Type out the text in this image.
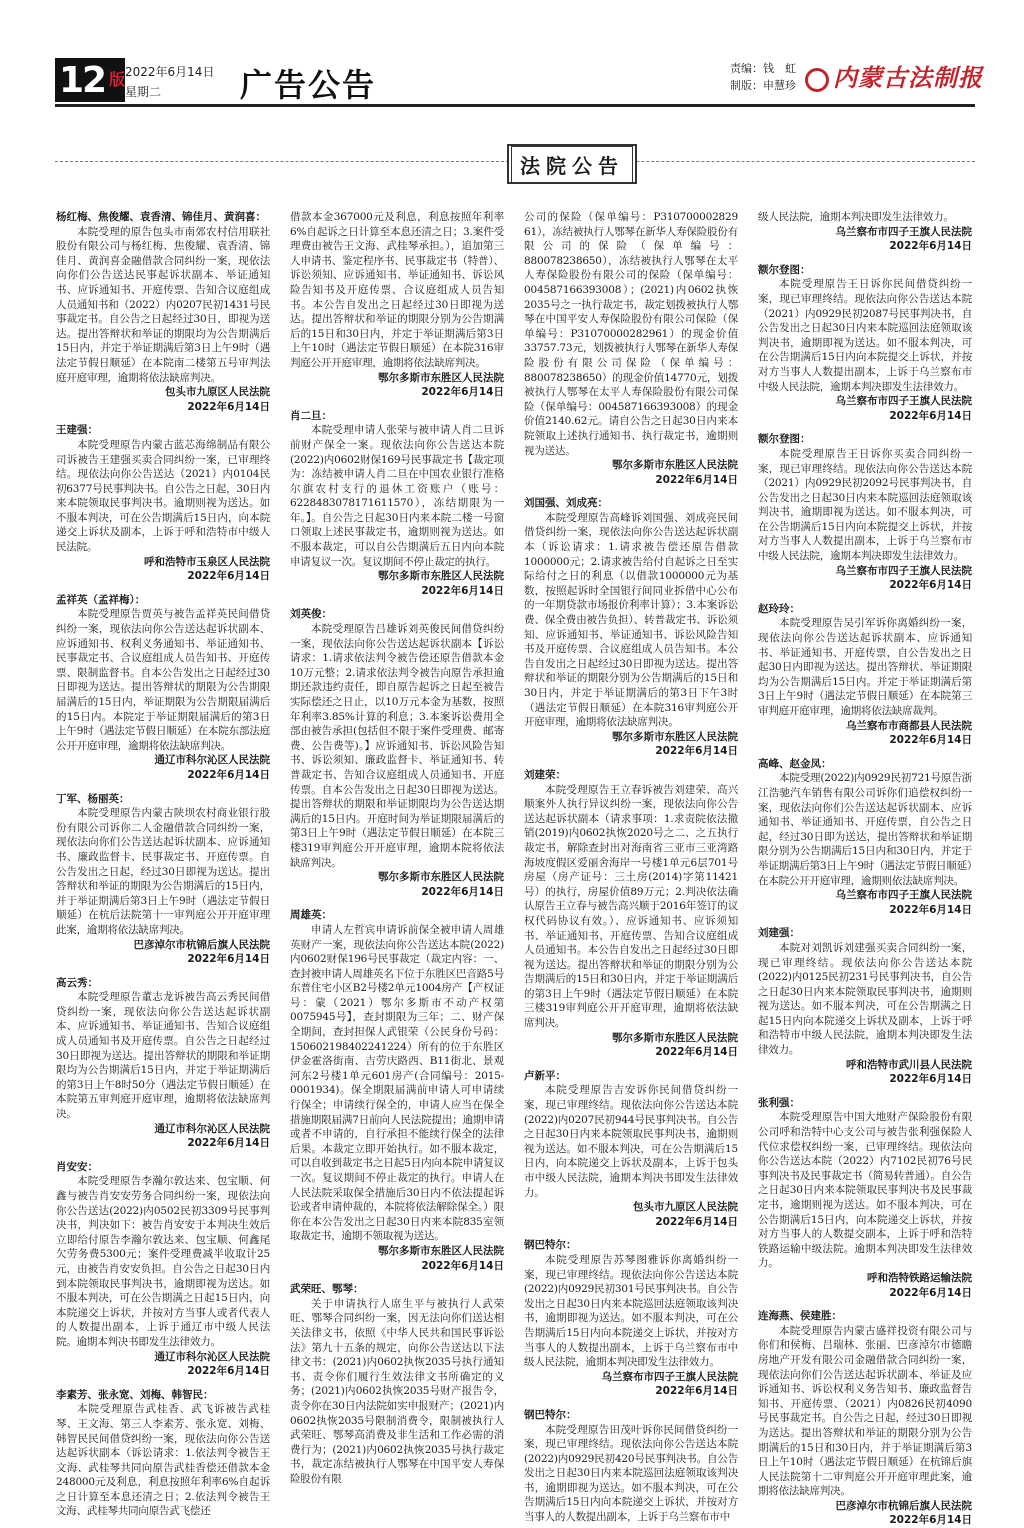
12 版 2022年6月14日
星期二	广告公告	责编：钱　虹
制版：申慧珍	内蒙古法制报
法院公告
杨红梅、焦俊耀、袁香清、锦佳月、黄润喜：
本院受理的原告包头市南郊农村信用联社股份有限公司与杨红梅、焦俊耀、袁香清、锦佳月、黄润喜金融借款合同纠纷一案，现依法向你们公告送达民事起诉状副本、举证通知书、应诉通知书、开庭传票、告知合议庭组成人员通知书和（2022）内0207民初1431号民事裁定书。自公告之日起经过30日，即视为送达。提出答辩状和举证的期限均为公告期满后15日内，并定于举证期满后第3日上午9时（遇法定节假日顺延）在本院南二楼第五号审判法庭开庭审理，逾期将依法缺席判决。
包头市九原区人民法院
2022年6月14日
王建强：
本院受理原告内蒙古蓝芯海绵制品有限公司诉被告王建强买卖合同纠纷一案，已审理终结。现依法向你公告送达（2021）内0104民初6377号民事判决书。自公告之日起，30日内来本院领取民事判决书。逾期则视为送达。如不服本判决，可在公告期满后15日内，向本院递交上诉状及副本，上诉于呼和浩特市中级人民法院。
呼和浩特市玉泉区人民法院
2022年6月14日
孟祥英（孟祥梅）：
本院受理原告贾英与被告孟祥英民间借贷纠纷一案，现依法向你公告送达起诉状副本、应诉通知书、权利义务通知书、举证通知书、民事裁定书、合议庭组成人员告知书、开庭传票、限制监督书。自本公告发出之日起经过30日即视为送达。提出答辩状的期限为公告期限届满后的15日内，举证期限为公告期限届满后的15日内。本院定于举证期限届满后的第3日上午9时（遇法定节假日顺延）在本院东部法庭公开开庭审理，逾期将依法缺席判决。
通辽市科尔沁区人民法院
2022年6月14日
丁军、杨丽英：
本院受理原告内蒙古陕坝农村商业银行股份有限公司诉你二人金融借款合同纠纷一案，现依法向你们公告送达起诉状副本、应诉通知书、廉政监督卡、民事裁定书、开庭传票。自公告发出之日起，经过30日即视为送达。提出答辩状和举证的期限为公告期满后的15日内，并于举证期满后第3日上午9时（遇法定节假日顺延）在杭后法院第十一审判庭公开开庭审理此案，逾期将依法缺席判决。
巴彦淖尔市杭锦后旗人民法院
2022年6月14日
高云秀：
本院受理原告董志龙诉被告高云秀民间借贷纠纷一案，现依法向你公告送达起诉状副本、应诉通知书、举证通知书、告知合议庭组成人员通知书及开庭传票。自公告之日起经过30日即视为送达。提出答辩状的期限和举证期限均为公告期满后15日内，并定于举证期满后的第3日上午8时50分（遇法定节假日顺延）在本院第五审判庭开庭审理，逾期将依法缺席判决。
通辽市科尔沁区人民法院
2022年6月14日
肖安安：
本院受理原告李瀚尔敦达来、包宝顺、何鑫与被告肖安安劳务合同纠纷一案，现依法向你公告送达(2022)内0502民初3309号民事判决书，判决如下：被告肖安安于本判决生效后立即给付原告李瀚尔敦达来、包宝顺、何鑫尾欠劳务费5300元；案件受理费减半收取计25元，由被告肖安安负担。自公告之日起30日内到本院领取民事判决书，逾期即视为送达。如不服本判决，可在公告期满之日起15日内，向本院递交上诉状，并按对方当事人或者代表人的人数提出副本，上诉于通辽市中级人民法院。逾期本判决书即发生法律效力。
通辽市科尔沁区人民法院
2022年6月14日
李素芳、张永宽、刘梅、韩智民：
本院受理原告武桂香、武飞诉被告武桂琴、王文海、第三人李素芳、张永宽、刘梅、韩智民民间借贷纠纷一案，现依法向你公告送达起诉状副本（诉讼请求：1.依法判令被告王文海、武桂琴共同向原告武桂香偿还借款本金248000元及利息，利息按照年利率6%自起诉之日计算至本息还清之日；2.依法判令被告王文海、武桂琴共同向原告武飞偿还
借款本金367000元及利息，利息按照年利率6%自起诉之日计算至本息还清之日；3.案件受理费由被告王文海、武桂琴承担。），追加第三人申请书、鉴定程序书、民事裁定书（特普）、诉讼须知、应诉通知书、举证通知书、诉讼风险告知书及开庭传票、合议庭组成人员告知书。本公告自发出之日起经过30日即视为送达。提出答辩状和举证的期限分别为公告期满后的15日和30日内，并定于举证期满后第3日上午10时（遇法定节假日顺延）在本院316审判庭公开开庭审理，逾期将依法缺席判决。
鄂尔多斯市东胜区人民法院
2022年6月14日
肖二旦：
本院受理申请人张荣与被申请人肖二旦诉前财产保全一案。现依法向你公告送达本院(2022)内0602财保169号民事裁定书【裁定项为：冻结被申请人肖二旦在中国农业银行准格尔旗农村支行的退休工资账户（账号：6228483078171611570），冻结期限为一年。】。自公告之日起30日内来本院二楼一号窗口领取上述民事裁定书，逾期则视为送达。如不服本裁定，可以自公告期满后五日内向本院申请复议一次。复议期间不停止裁定的执行。
鄂尔多斯市东胜区人民法院
2022年6月14日
刘英俊：
本院受理原告吕雄诉刘英俊民间借贷纠纷一案，现依法向你公告送达起诉状副本【诉讼请求：1.请求依法判令被告偿还原告借款本金10万元整；2.请求依法判令被告向原告承担逾期还款违约责任，即自原告起诉之日起至被告实际偿还之日止，以10万元本金为基数，按照年利率3.85%计算的利息；3.本案诉讼费用全部由被告承担(包括但不限于案件受理费、邮寄费、公告费等)。】应诉通知书、诉讼风险告知书、诉讼须知、廉政监督卡、举证通知书、转普裁定书、告知合议庭组成人员通知书、开庭传票。自本公告发出之日起30日即视为送达。提出答辩状的期限和举证期限均为公告送达期满后的15日内。开庭时间为举证期限届满后的第3日上午9时（遇法定节假日顺延）在本院三楼319审判庭公开开庭审理，逾期本院将依法缺席判决。
鄂尔多斯市东胜区人民法院
2022年6月14日
周雄英：
申请人左哲宾申请诉前保全被申请人周雄英财产一案，现依法向你公告送达本院(2022)内0602财保196号民事裁定（裁定内容：一、查封被申请人周雄英名下位于东胜区巴音路5号东普住宅小区B2号楼2单元1004房产【产权证号：蒙（2021）鄂尔多斯市不动产权第0075945号】，查封期限为三年；二、财产保全期间，查封担保人武银荣（公民身份号码：150602198402241224）所有的位于东胜区伊金霍洛街南、吉劳庆路西、B11街北、景观河东2号楼1单元601房产(合同编号：2015-0001934)。保全期限届满前申请人可申请续行保全；申请续行保全的，申请人应当在保全措施期限届满7日前向人民法院提出；逾期申请或者不申请的，自行承担不能续行保全的法律后果。本裁定立即开始执行。如不服本裁定，可以自收到裁定书之日起5日内向本院申请复议一次。复议期间不停止裁定的执行。申请人在人民法院采取保全措施后30日内不依法提起诉讼或者申请仲裁的，本院将依法解除保全。）限你在本公告发出之日起30日内来本院835室领取裁定书，逾期不领取视为送达。
鄂尔多斯市东胜区人民法院
2022年6月14日
武荣旺、鄂琴：
关于申请执行人席生平与被执行人武荣旺、鄂琴合同纠纷一案，因无法向你们送达相关法律文书，依照《中华人民共和国民事诉讼法》第九十五条的规定，向你公告送达以下法律文书：(2021)内0602执恢2035号执行通知书、责令你们履行生效法律文书所确定的义务；(2021)内0602执恢2035号财产报告令，责令你在30日内法院如实申报财产；(2021)内0602执恢2035号限制消费令，限制被执行人武荣旺、鄂琴高消费及非生活和工作必需的消费行为；(2021)内0602执恢2035号执行裁定书，裁定冻结被执行人鄂琴在中国平安人寿保险股份有限
公司的保险（保单编号：P310700002829​61），冻结被执行人鄂琴在新华人寿保险股份有限公司的保险（保单编号：880078238650），冻结被执行人鄂琴在太平人寿保险股份有限公司的保险（保单编号：004587166393008）；(2021)内0602执恢2035号之一执行裁定书，裁定划拨被执行人鄂琴在中国平安人寿保险股份有限公司保险（保单编号：P310700002829​61）的现金价值33757.73元，划拨被执行人鄂琴在新华人寿保险股份有限公司保险（保单编号：880078238650）的现金价值14770元，划拨被执行人鄂琴在太平人寿保险股份有限公司保险（保单编号：004587166393008）的现金价值2140.62元。请自公告之日起30日内来本院领取上述执行通知书、执行裁定书，逾期则视为送达。
鄂尔多斯市东胜区人民法院
2022年6月14日
刘国强、刘成亮：
本院受理原告高峰诉刘国强、刘成亮民间借贷纠纷一案，现依法向你公告送达起诉状副本（诉讼请求：1.请求被告偿还原告借款1000000元；2.请求被告给付自起诉之日至实际给付之日的利息（以借款1000000元为基数，按照起诉时全国银行间同业拆借中心公布的一年期贷款市场报价利率计算）；3.本案诉讼费、保全费由被告负担）、转普裁定书、诉讼须知、应诉通知书、举证通知书、诉讼风险告知书及开庭传票、合议庭组成人员告知书。本公告自发出之日起经过30日即视为送达。提出答辩状和举证的期限分别为公告期满后的15日和30日内，并定于举证期满后的第3日下午3时（遇法定节假日顺延）在本院316审判庭公开开庭审理，逾期将依法缺席判决。
鄂尔多斯市东胜区人民法院
2022年6月14日
刘建荣：
本院受理原告王立春诉被告刘建荣、高兴顺案外人执行异议纠纷一案，现依法向你公告送达起诉状副本（请求事项：1.求责院依法撤销(2019)内0602执恢2020号之二、之五执行裁定书，解除查封出对海南省三亚市三亚湾路海坡度假区爱丽舍海岸一号楼1单元6层701号房屋（房产证号：三土房(2014)字第11421号）的执行，房屋价值89万元；2.判决依法确认原告王立春与被告高兴顺于2016年签订的议权代码协议有效。）、应诉通知书、应诉须知书、举证通知书、开庭传票、告知合议庭组成人员通知书。本公告自发出之日起经过30日即视为送达。提出答辩状和举证的期限分别为公告期满后的15日和30日内，并定于举证期满后的第3日上午9时（遇法定节假日顺延）在本院三楼319审判庭公开开庭审理，逾期将依法缺席判决。
鄂尔多斯市东胜区人民法院
2022年6月14日
卢新平：
本院受理原告吉安诉你民间借贷纠纷一案，现已审理终结。现依法向你公告送达本院(2022)内0207民初944号民事判决书。自公告之日起30日内来本院领取民事判决书，逾期则视为送达。如不服本判决，可在公告期满后15日内，向本院递交上诉状及副本，上诉于包头市中级人民法院，逾期本判决书即发生法律效力。
包头市九原区人民法院
2022年6月14日
钢巴特尔：
本院受理原告苏琴图雅诉你离婚纠纷一案，现已审理终结。现依法向你公告送达本院(2022)内0929民初301号民事判决书。自公告发出之日起30日内来本院巡回法庭领取该判决书，逾期即视为送达。如不服本判决，可在公告期满后15日内向本院递交上诉状，并按对方当事人的人数提出副本，上诉于乌兰察布市中级人民法院，逾期本判决即发生法律效力。
乌兰察布市四子王旗人民法院
2022年6月14日
钢巴特尔：
本院受理原告田茂叶诉你民间借贷纠纷一案，现已审理终结。现依法向你公告送达本院(2022)内0929民初420号民事判决书。自公告发出之日起30日内来本院巡回法庭领取该判决书，逾期即视为送达。如不服本判决，可在公告期满后15日内向本院递交上诉状，并按对方当事人的人数提出副本，上诉于乌兰察布市中
级人民法院，逾期本判决即发生法律效力。
乌兰察布市四子王旗人民法院
2022年6月14日
额尔登图：
本院受理原告王日诉你民间借贷纠纷一案，现已审理终结。现依法向你公告送达本院（2021）内0929民初2087号民事判决书，自公告发出之日起30日内来本院巡回法庭领取该判决书，逾期即视为送达。如不服本判决，可在公告期满后15日内向本院提交上诉状，并按对方当事人人数提出副本，上诉于乌兰察布市中级人民法院，逾期本判决即发生法律效力。
乌兰察布市四子王旗人民法院
2022年6月14日
额尔登图：
本院受理原告王日诉你买卖合同纠纷一案，现已审理终结。现依法向你公告送达本院（2021）内0929民初2092号民事判决书，自公告发出之日起30日内来本院巡回法庭领取该判决书，逾期即视为送达。如不服本判决，可在公告期满后15日内向本院提交上诉状，并按对方当事人人数提出副本，上诉于乌兰察布市中级人民法院，逾期本判决即发生法律效力。
乌兰察布市四子王旗人民法院
2022年6月14日
赵玲玲：
本院受理原告吴引军诉你离婚纠纷一案，现依法向你公告送达起诉状副本、应诉通知书、举证通知书、开庭传票，自公告发出之日起30日内即视为送达。提出答辩状、举证期限均为公告期满后15日内。并定于举证期满后第3日上午9时（遇法定节假日顺延）在本院第三审判庭开庭审理，逾期将依法缺席裁判。
乌兰察布市商都县人民法院
2022年6月14日
高峰、赵金凤：
本院受理(2022)内0929民初721号原告浙江浩驰汽车销售有限公司诉你们追偿权纠纷一案，现依法向你们公告送达起诉状副本、应诉通知书、举证通知书、开庭传票，自公告之日起，经过30日即为送达，提出答辩状和举证期限分别为公告期满后15日内和30日内，并定于举证期满后第3日上午9时（遇法定节假日顺延）在本院公开开庭审理，逾期则依法缺席判决。
乌兰察布市四子王旗人民法院
2022年6月14日
刘建强：
本院对刘凯诉刘建强买卖合同纠纷一案，现已审理终结。现依法向你公告送达本院(2022)内0125民初231号民事判决书，自公告之日起30日内来本院领取民事判决书，逾期则视为送达。如不服本判决，可在公告期满之日起15日内向本院递交上诉状及副本，上诉于呼和浩特市中级人民法院，逾期本判决即发生法律效力。
呼和浩特市武川县人民法院
2022年6月14日
张利强：
本院受理原告中国大地财产保险股份有限公司呼和浩特中心支公司与被告张利强保险人代位求偿权纠纷一案，已审理终结。现依法向你公告送达本院（2022）内7102民初76号民事判决书及民事裁定书（简易转普通）。自公告之日起30日内来本院领取民事判决书及民事裁定书，逾期则视为送达。如不服本判决，可在公告期满后15日内，向本院递交上诉状，并按对方当事人的人数提交副本，上诉于呼和浩特铁路运输中级法院。逾期本判决即发生法律效力。
呼和浩特铁路运输法院
2022年6月14日
连海燕、侯建胜：
本院受理原告内蒙古盛祥投资有限公司与你们和侯梅、吕瑞林、张丽、巴彦淖尔市德瞻房地产开发有限公司金融借款合同纠纷一案，现依法向你们公告送达起诉状副本、举证及应诉通知书、诉讼权利义务告知书、廉政监督告知书、开庭传票、（2021）内0826民初4090号民事裁定书。自公告之日起，经过30日即视为送达。提出答辩状和举证的期限分别为公告期满后的15日和30日内，并于举证期满后第3日上午10时（遇法定节假日顺延）在杭锦后旗人民法院第十二审判庭公开开庭审理此案，逾期将依法缺席判决。
巴彦淖尔市杭锦后旗人民法院
2022年6月14日
